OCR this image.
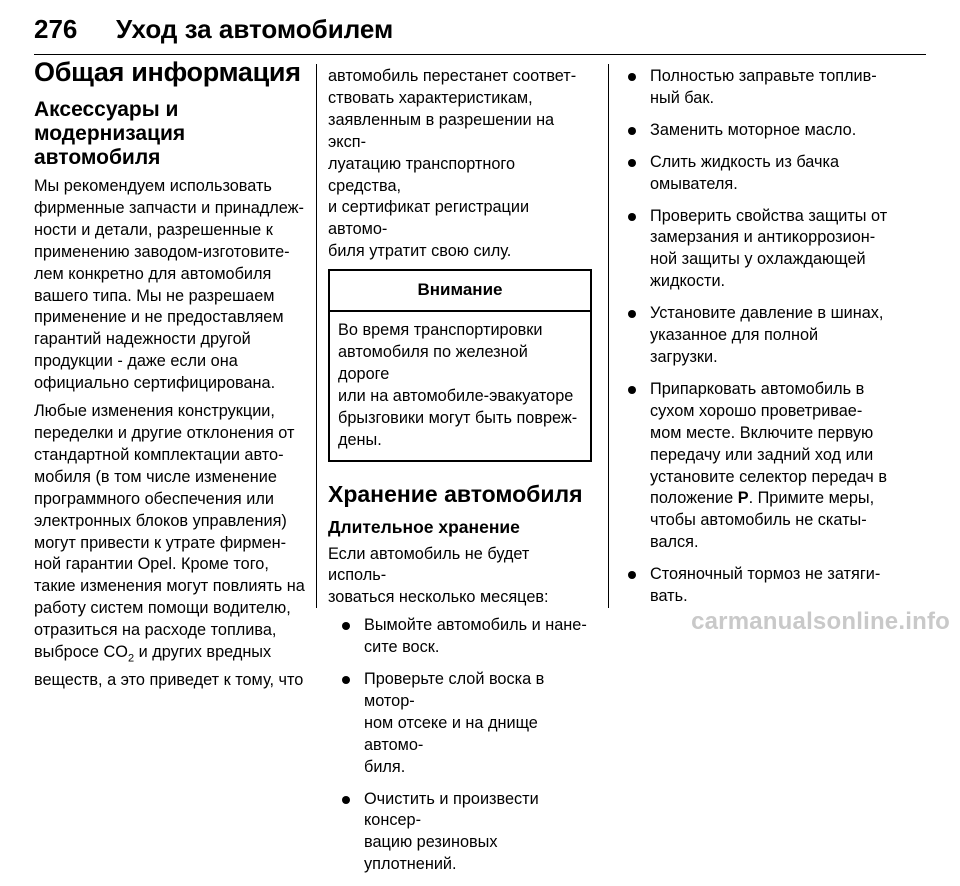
276 Уход за автомобилем
Общая информация
Аксессуары и
модернизация
автомобиля

Мы рекомендуем использовать
фирменные запчасти и принадлеж-
ности и детали, разрешенные к
применению заводом-изготовите-
лем конкретно для автомобиля
вашего типа. Мы не разрешаем
применение и не предоставляем
гарантий надежности другой
продукции - даже если она
официально сертифицирована.

Любые изменения конструкции,
переделки и другие отклонения от
стандартной комплектации авто-
мобиля (в том числе изменение
программного обеспечения или
электронных блоков управления)
могут привести к утрате фирмен-
ной гарантии Opel. Кроме того,
такие изменения могут повлиять на
работу систем помощи водителю,
отразиться на расходе топлива,
выбросе $CO_2$ и других вредных
веществ, а это приведет к тому, что

автомобиль перестанет соответ-
ствовать характеристикам,
заявленным в разрешении на эксп-
луатацию транспортного средства,
и сертификат регистрации автомо-
биля утратит свою силу.

Внимание
Во время транспортировки
автомобиля по железной дороге
или на автомобиле-эвакуаторе
брызговики могут быть повреж-
дены.
Хранение автомобиля
Длительное хранение

Если автомобиль не будет исполь-
зоваться несколько месяцев:

Вымойте автомобиль и нане-
сите воск.
Проверьте слой воска в мотор-
ном отсеке и на днище автомо-
биля.
Очистить и произвести консер-
вацию резиновых уплотнений.
Полностью заправьте топлив-
ный бак.
Заменить моторное масло.
Слить жидкость из бачка
омывателя.
Проверить свойства защиты от
замерзания и антикоррозион-
ной защиты у охлаждающей
жидкости.
Установите давление в шинах,
указанное для полной
загрузки.
Припарковать автомобиль в
сухом хорошо проветривае-
мом месте. Включите первую
передачу или задний ход или
установите селектор передач в
положение P. Примите меры,
чтобы автомобиль не скаты-
вался.
Стояночный тормоз не затяги-
вать.
carmanualsonline.info
